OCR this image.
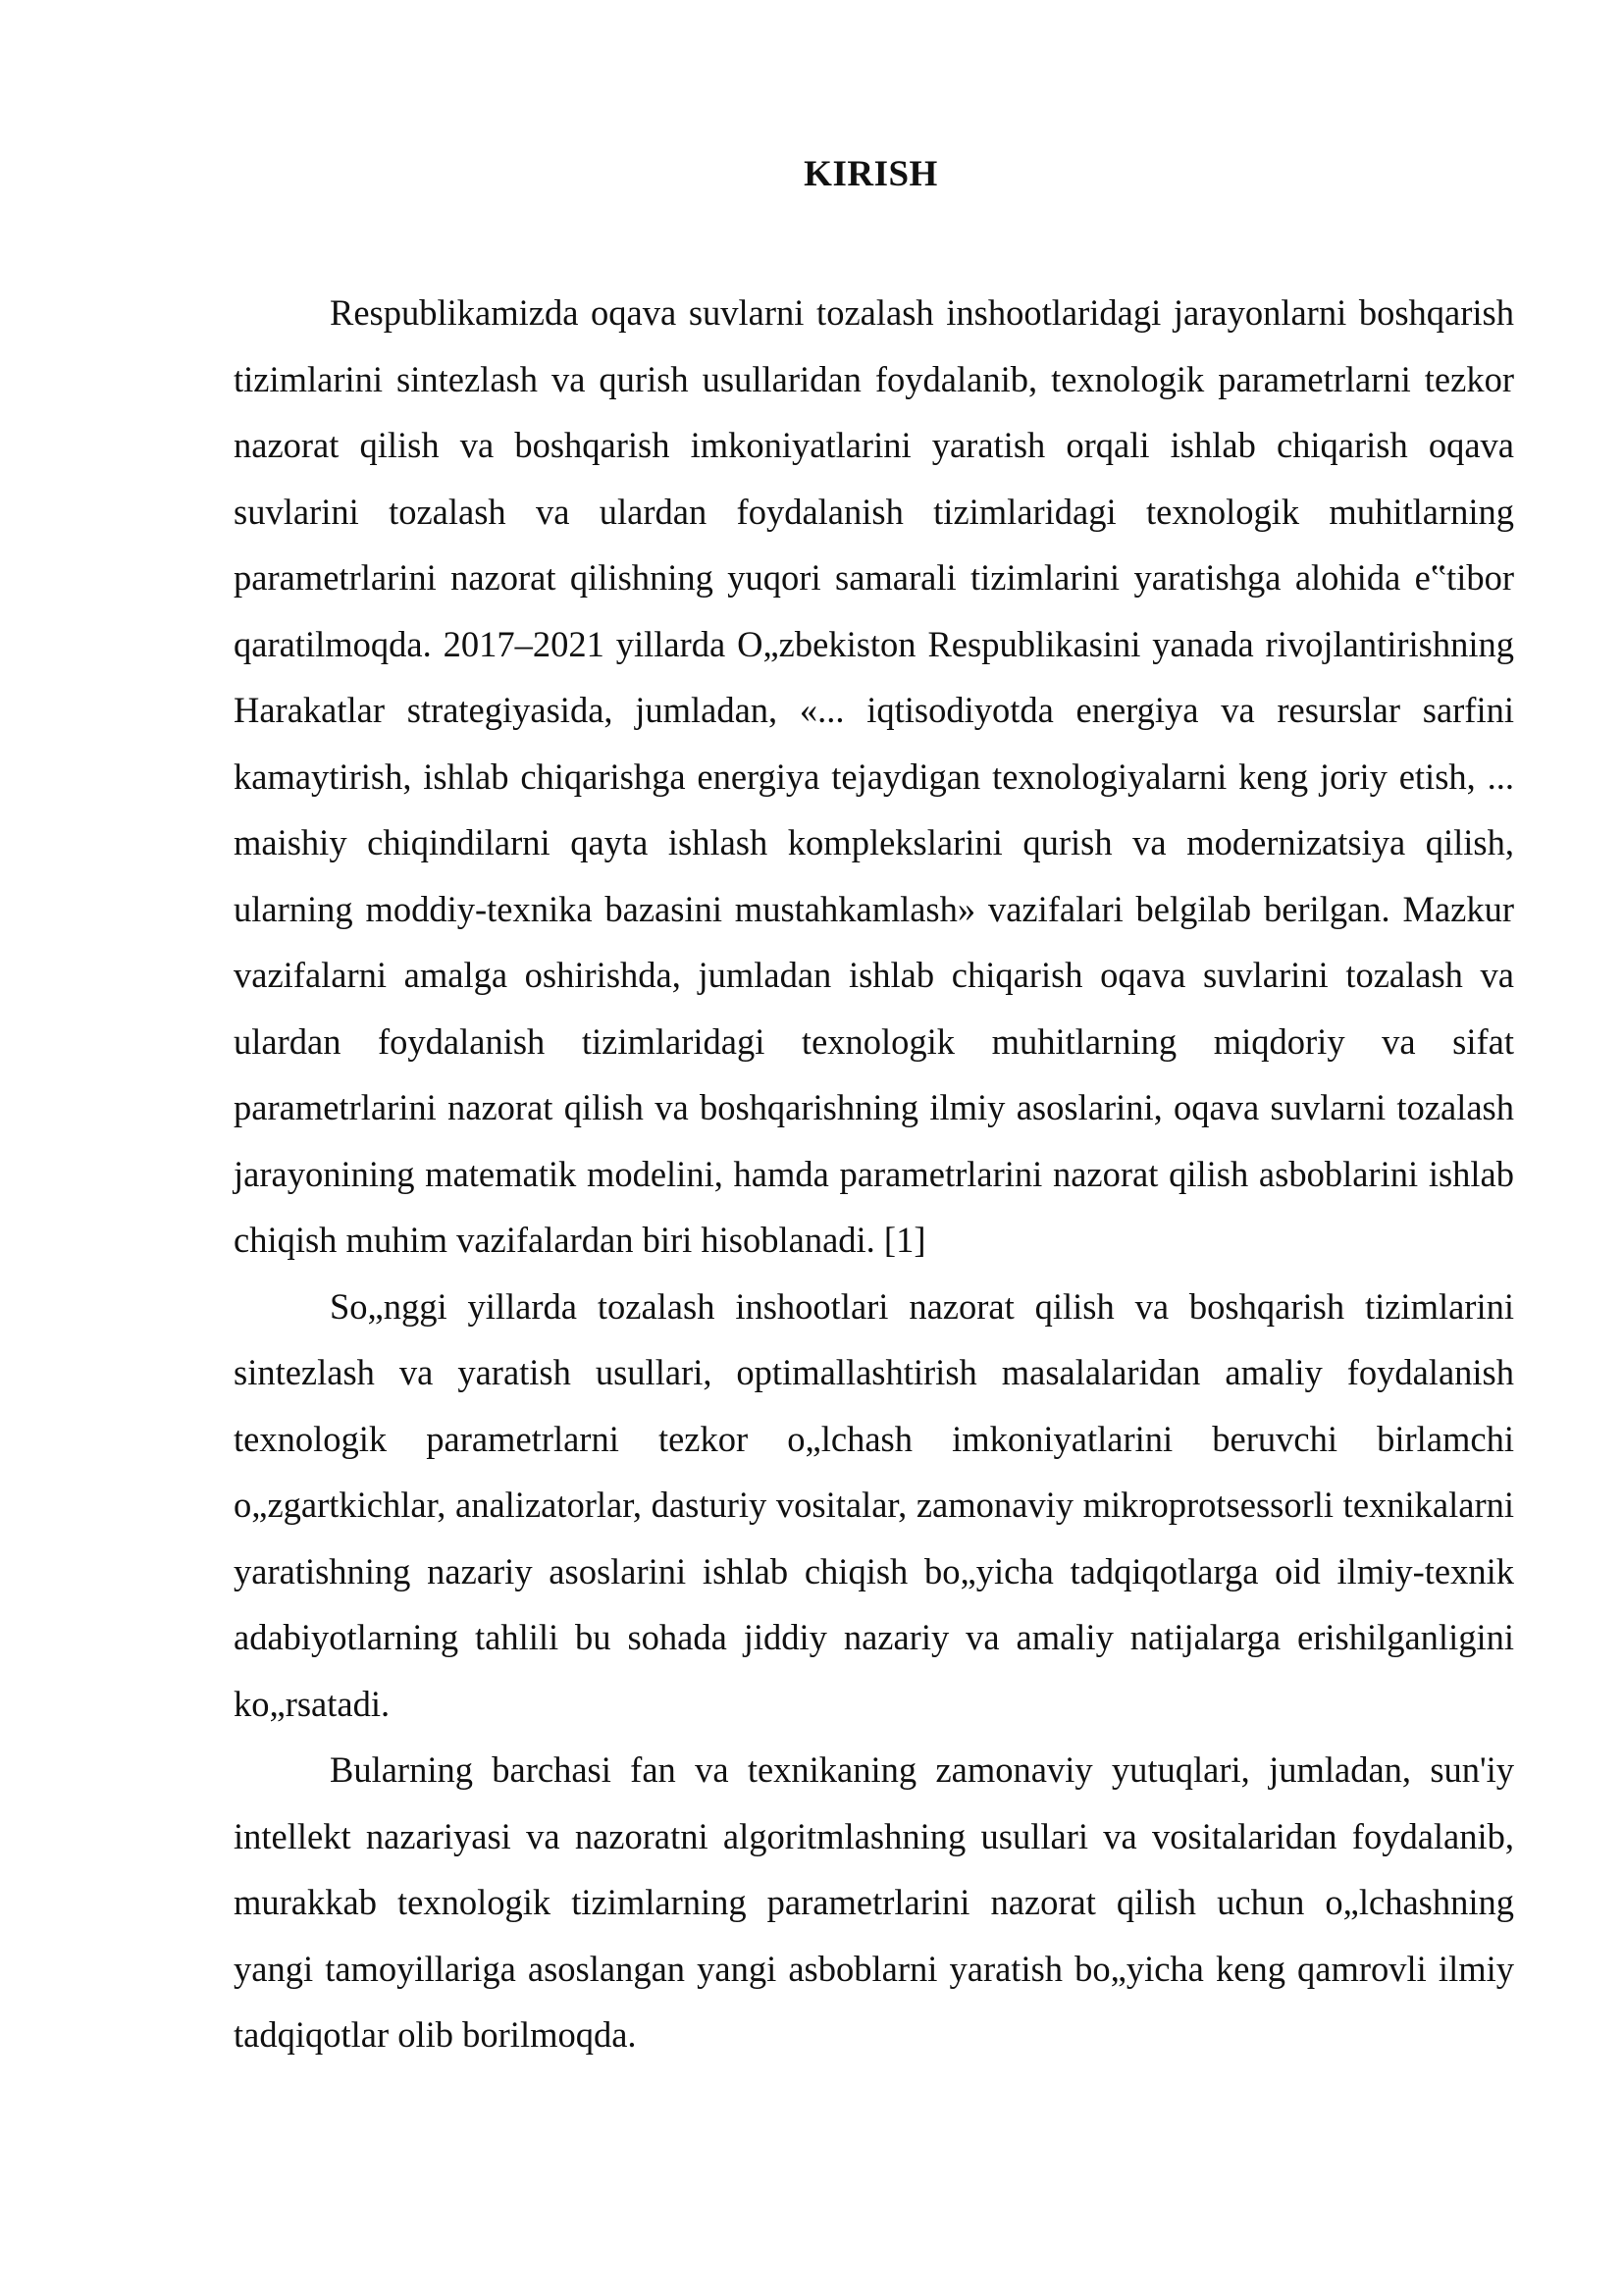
KIRISH

Respublikamizda oqava suvlarni tozalash inshootlaridagi jarayonlarni boshqarish tizimlarini sintezlash va qurish usullaridan foydalanib, texnologik parametrlarni tezkor nazorat qilish va boshqarish imkoniyatlarini yaratish orqali ishlab chiqarish oqava suvlarini tozalash va ulardan foydalanish tizimlaridagi texnologik muhitlarning parametrlarini nazorat qilishning yuqori samarali tizimlarini yaratishga alohida e‟tibor qaratilmoqda. 2017–2021 yillarda O„zbekiston Respublikasini yanada rivojlantirishning Harakatlar strategiyasida, jumladan, «... iqtisodiyotda energiya va resurslar sarfini kamaytirish, ishlab chiqarishga energiya tejaydigan texnologiyalarni keng joriy etish, ... maishiy chiqindilarni qayta ishlash komplekslarini qurish va modernizatsiya qilish, ularning moddiy-texnika bazasini mustahkamlash» vazifalari belgilab berilgan. Mazkur vazifalarni amalga oshirishda, jumladan ishlab chiqarish oqava suvlarini tozalash va ulardan foydalanish tizimlaridagi texnologik muhitlarning miqdoriy va sifat parametrlarini nazorat qilish va boshqarishning ilmiy asoslarini, oqava suvlarni tozalash jarayonining matematik modelini, hamda parametrlarini nazorat qilish asboblarini ishlab chiqish muhim vazifalardan biri hisoblanadi. [1]

So„nggi yillarda tozalash inshootlari nazorat qilish va boshqarish tizimlarini sintezlash va yaratish usullari, optimallashtirish masalalaridan amaliy foydalanish texnologik parametrlarni tezkor o„lchash imkoniyatlarini beruvchi birlamchi o„zgartkichlar, analizatorlar, dasturiy vositalar, zamonaviy mikroprotsessorli texnikalarni yaratishning nazariy asoslarini ishlab chiqish bo„yicha tadqiqotlarga oid ilmiy-texnik adabiyotlarning tahlili bu sohada jiddiy nazariy va amaliy natijalarga erishilganligini ko„rsatadi.

Bularning barchasi fan va texnikaning zamonaviy yutuqlari, jumladan, sun'iy intellekt nazariyasi va nazoratni algoritmlashning usullari va vositalaridan foydalanib, murakkab texnologik tizimlarning parametrlarini nazorat qilish uchun o„lchashning yangi tamoyillariga asoslangan yangi asboblarni yaratish bo„yicha keng qamrovli ilmiy tadqiqotlar olib borilmoqda.
